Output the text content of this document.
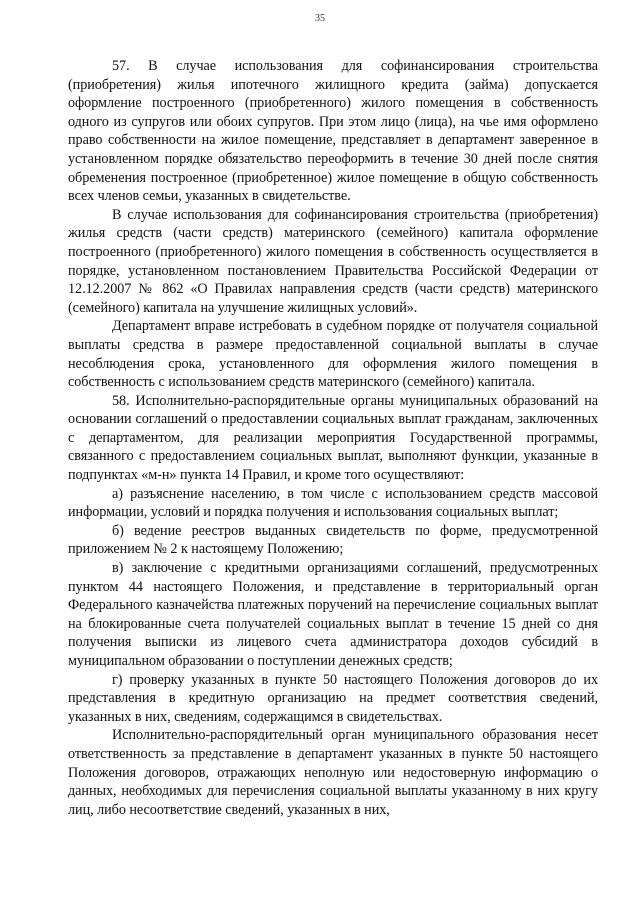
35

57. В случае использования для софинансирования строительства (приобретения) жилья ипотечного жилищного кредита (займа) допускается оформление построенного (приобретенного) жилого помещения в собственность одного из супругов или обоих супругов. При этом лицо (лица), на чье имя оформлено право собственности на жилое помещение, представляет в департамент заверенное в установленном порядке обязательство переоформить в течение 30 дней после снятия обременения построенное (приобретенное) жилое помещение в общую собственность всех членов семьи, указанных в свидетельстве.

В случае использования для софинансирования строительства (приобретения) жилья средств (части средств) материнского (семейного) капитала оформление построенного (приобретенного) жилого помещения в собственность осуществляется в порядке, установленном постановлением Правительства Российской Федерации от 12.12.2007 № 862 «О Правилах направления средств (части средств) материнского (семейного) капитала на улучшение жилищных условий».

Департамент вправе истребовать в судебном порядке от получателя социальной выплаты средства в размере предоставленной социальной выплаты в случае несоблюдения срока, установленного для оформления жилого помещения в собственность с использованием средств материнского (семейного) капитала.

58. Исполнительно-распорядительные органы муниципальных образований на основании соглашений о предоставлении социальных выплат гражданам, заключенных с департаментом, для реализации мероприятия Государственной программы, связанного с предоставлением социальных выплат, выполняют функции, указанные в подпунктах «м-н» пункта 14 Правил, и кроме того осуществляют:

а) разъяснение населению, в том числе с использованием средств массовой информации, условий и порядка получения и использования социальных выплат;

б) ведение реестров выданных свидетельств по форме, предусмотренной приложением № 2 к настоящему Положению;

в) заключение с кредитными организациями соглашений, предусмотренных пунктом 44 настоящего Положения, и представление в территориальный орган Федерального казначейства платежных поручений на перечисление социальных выплат на блокированные счета получателей социальных выплат в течение 15 дней со дня получения выписки из лицевого счета администратора доходов субсидий в муниципальном образовании о поступлении денежных средств;

г) проверку указанных в пункте 50 настоящего Положения договоров до их представления в кредитную организацию на предмет соответствия сведений, указанных в них, сведениям, содержащимся в свидетельствах.

Исполнительно-распорядительный орган муниципального образования несет ответственность за представление в департамент указанных в пункте 50 настоящего Положения договоров, отражающих неполную или недостоверную информацию о данных, необходимых для перечисления социальной выплаты указанному в них кругу лиц, либо несоответствие сведений, указанных в них,
